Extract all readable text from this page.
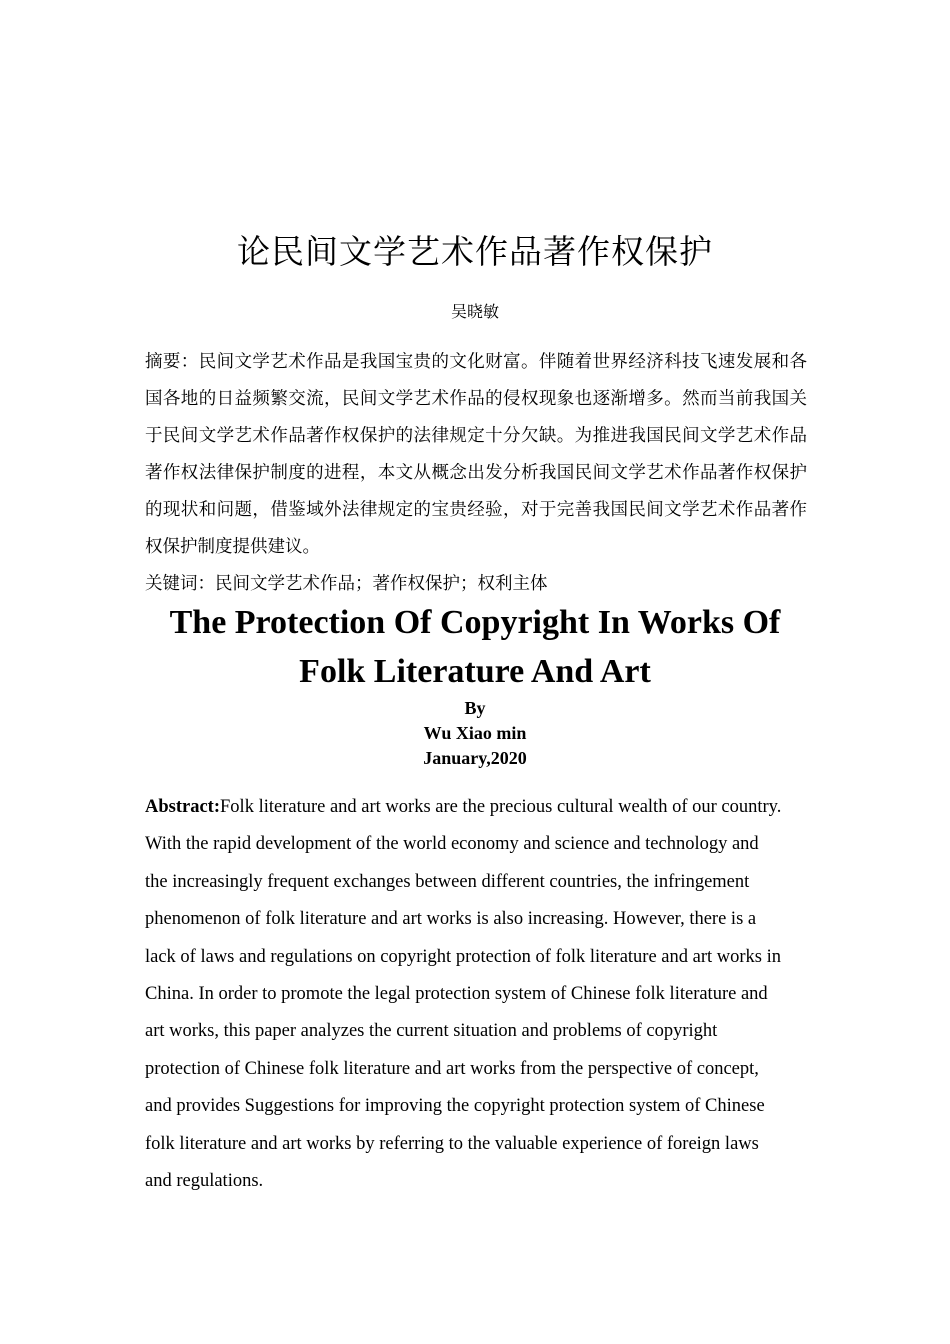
论民间文学艺术作品著作权保护
吴晓敏

摘要：民间文学艺术作品是我国宝贵的文化财富。伴随着世界经济科技飞速发展和各国各地的日益频繁交流，民间文学艺术作品的侵权现象也逐渐增多。然而当前我国关于民间文学艺术作品著作权保护的法律规定十分欠缺。为推进我国民间文学艺术作品著作权法律保护制度的进程，本文从概念出发分析我国民间文学艺术作品著作权保护的现状和问题，借鉴域外法律规定的宝贵经验，对于完善我国民间文学艺术作品著作权保护制度提供建议。

关键词：民间文学艺术作品；著作权保护；权利主体

The Protection Of Copyright In Works Of
Folk Literature And Art
By
Wu Xiao min
January,2020
Abstract:Folk literature and art works are the precious cultural wealth of our country.
With the rapid development of the world economy and science and technology and
the increasingly frequent exchanges between different countries, the infringement
phenomenon of folk literature and art works is also increasing. However, there is a
lack of laws and regulations on copyright protection of folk literature and art works in
China. In order to promote the legal protection system of Chinese folk literature and
art works, this paper analyzes the current situation and problems of copyright
protection of Chinese folk literature and art works from the perspective of concept,
and provides Suggestions for improving the copyright protection system of Chinese
folk literature and art works by referring to the valuable experience of foreign laws
and regulations.
